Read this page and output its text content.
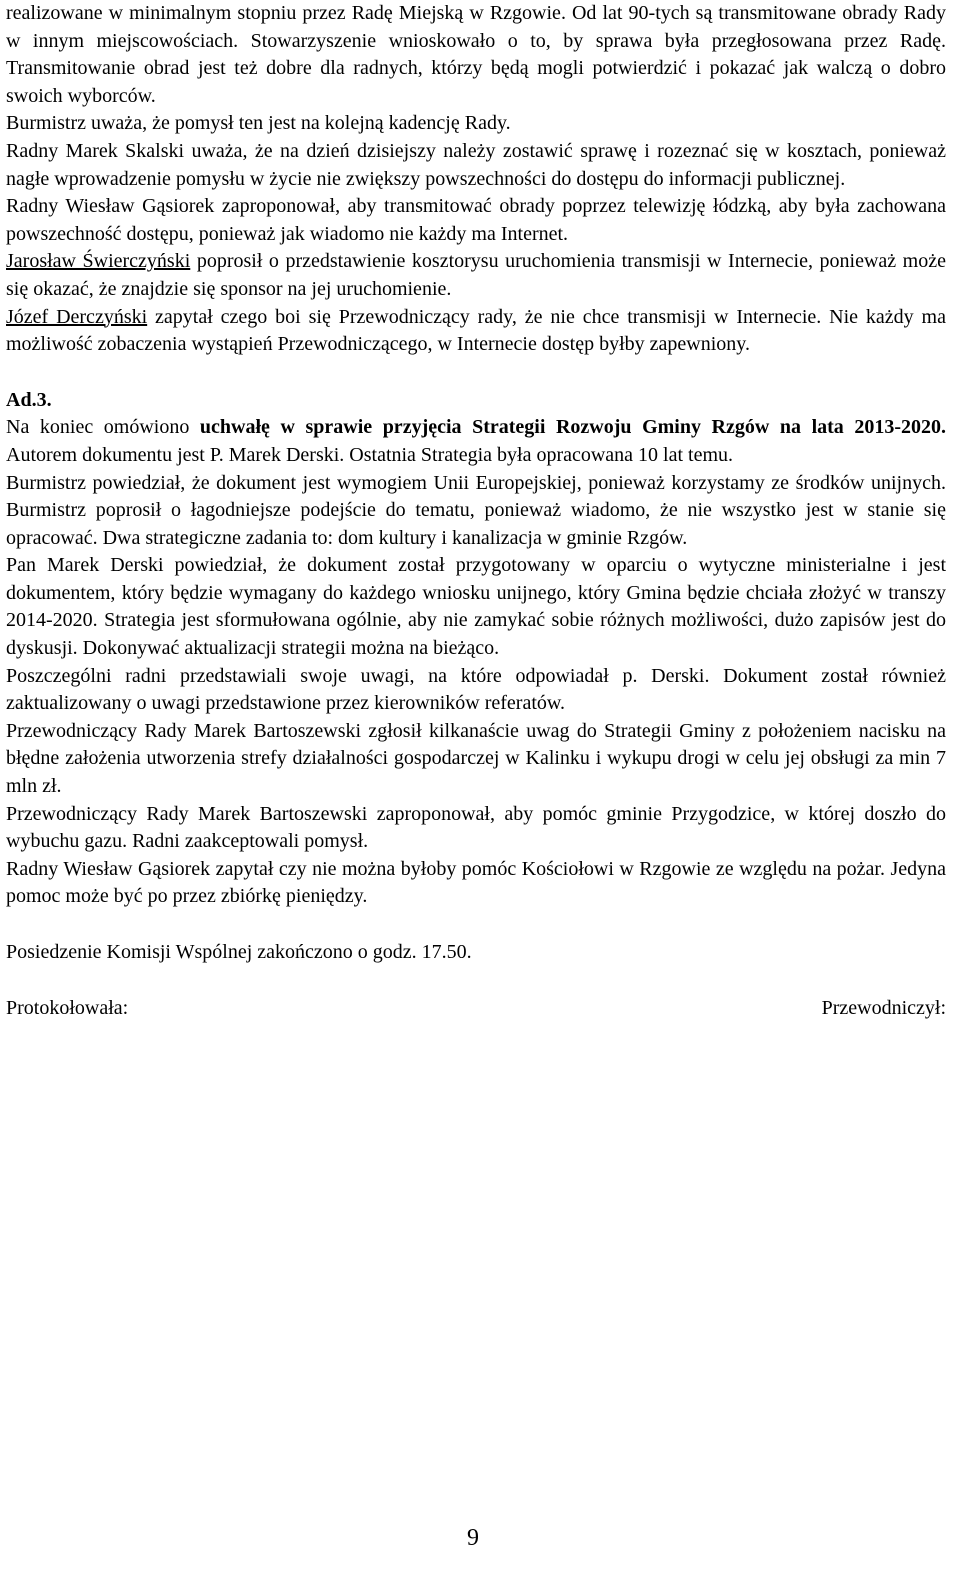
realizowane w minimalnym stopniu przez Radę Miejską w Rzgowie. Od lat 90-tych są transmitowane obrady Rady w innym miejscowościach. Stowarzyszenie wnioskowało o to, by sprawa była przegłosowana przez Radę. Transmitowanie obrad jest też dobre dla radnych, którzy będą mogli potwierdzić i pokazać jak walczą o dobro swoich wyborców.

Burmistrz uważa, że pomysł ten jest na kolejną kadencję Rady.

Radny Marek Skalski uważa, że na dzień dzisiejszy należy zostawić sprawę i rozeznać się w kosztach, ponieważ nagłe wprowadzenie pomysłu w życie nie zwiększy powszechności do dostępu do informacji publicznej.

Radny Wiesław Gąsiorek zaproponował, aby transmitować obrady poprzez telewizję łódzką, aby była zachowana powszechność dostępu, ponieważ jak wiadomo nie każdy ma Internet.

Jarosław Świerczyński poprosił o przedstawienie kosztorysu uruchomienia transmisji w Internecie, ponieważ może się okazać, że znajdzie się sponsor na jej uruchomienie.

Józef Derczyński zapytał czego boi się Przewodniczący rady, że nie chce transmisji w Internecie. Nie każdy ma możliwość zobaczenia wystąpień Przewodniczącego, w Internecie dostęp byłby zapewniony.

Ad.3.

Na koniec omówiono uchwałę w sprawie przyjęcia Strategii Rozwoju Gminy Rzgów na lata 2013-2020. Autorem dokumentu jest P. Marek Derski. Ostatnia Strategia była opracowana 10 lat temu.

Burmistrz powiedział, że dokument jest wymogiem Unii Europejskiej, ponieważ korzystamy ze środków unijnych. Burmistrz poprosił o łagodniejsze podejście do tematu, ponieważ wiadomo, że nie wszystko jest w stanie się opracować. Dwa strategiczne zadania to: dom kultury i kanalizacja w gminie Rzgów.

Pan Marek Derski powiedział, że dokument został przygotowany w oparciu o wytyczne ministerialne i jest dokumentem, który będzie wymagany do każdego wniosku unijnego, który Gmina będzie chciała złożyć w transzy 2014-2020. Strategia jest sformułowana ogólnie, aby nie zamykać sobie różnych możliwości, dużo zapisów jest do dyskusji. Dokonywać aktualizacji strategii można na bieżąco.

Poszczególni radni przedstawiali swoje uwagi, na które odpowiadał p. Derski. Dokument został również zaktualizowany o uwagi przedstawione przez kierowników referatów.

Przewodniczący Rady Marek Bartoszewski zgłosił kilkanaście uwag do Strategii Gminy z położeniem nacisku na błędne założenia utworzenia strefy działalności gospodarczej w Kalinku i wykupu drogi w celu jej obsługi za min 7 mln zł.

Przewodniczący Rady Marek Bartoszewski zaproponował, aby pomóc gminie Przygodzice, w której doszło do wybuchu gazu. Radni zaakceptowali pomysł.

Radny Wiesław Gąsiorek zapytał czy nie można byłoby pomóc Kościołowi w Rzgowie ze względu na pożar. Jedyna pomoc może być po przez zbiórkę pieniędzy.

Posiedzenie Komisji Wspólnej zakończono o godz. 17.50.

Protokołowała:	Przewodniczył:
9
